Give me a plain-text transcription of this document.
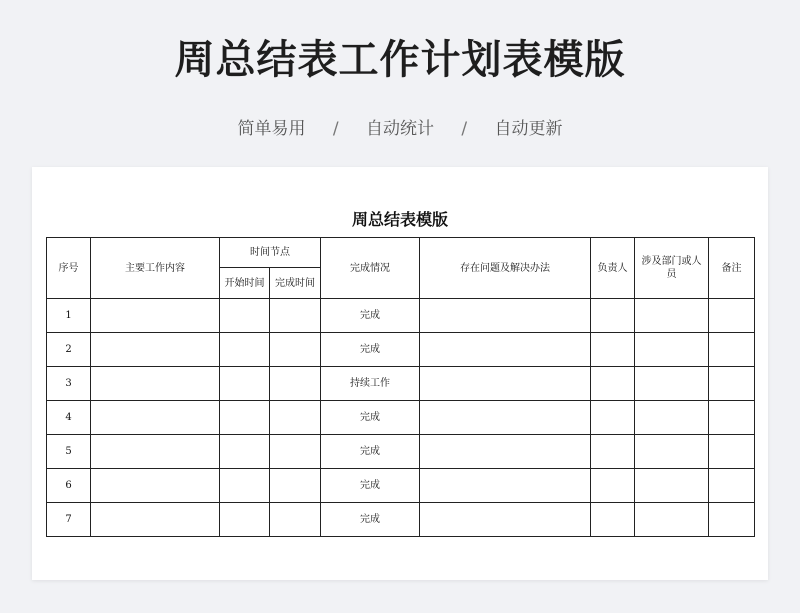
周总结表工作计划表模版
简单易用 / 自动统计 / 自动更新
周总结表模版
序号	主要工作内容	时间节点		完成情况	存在问题及解决办法	负责人	涉及部门或人员	备注
		开始时间	完成时间					
1				完成				
2				完成				
3				持续工作				
4				完成				
5				完成				
6				完成				
7				完成				
